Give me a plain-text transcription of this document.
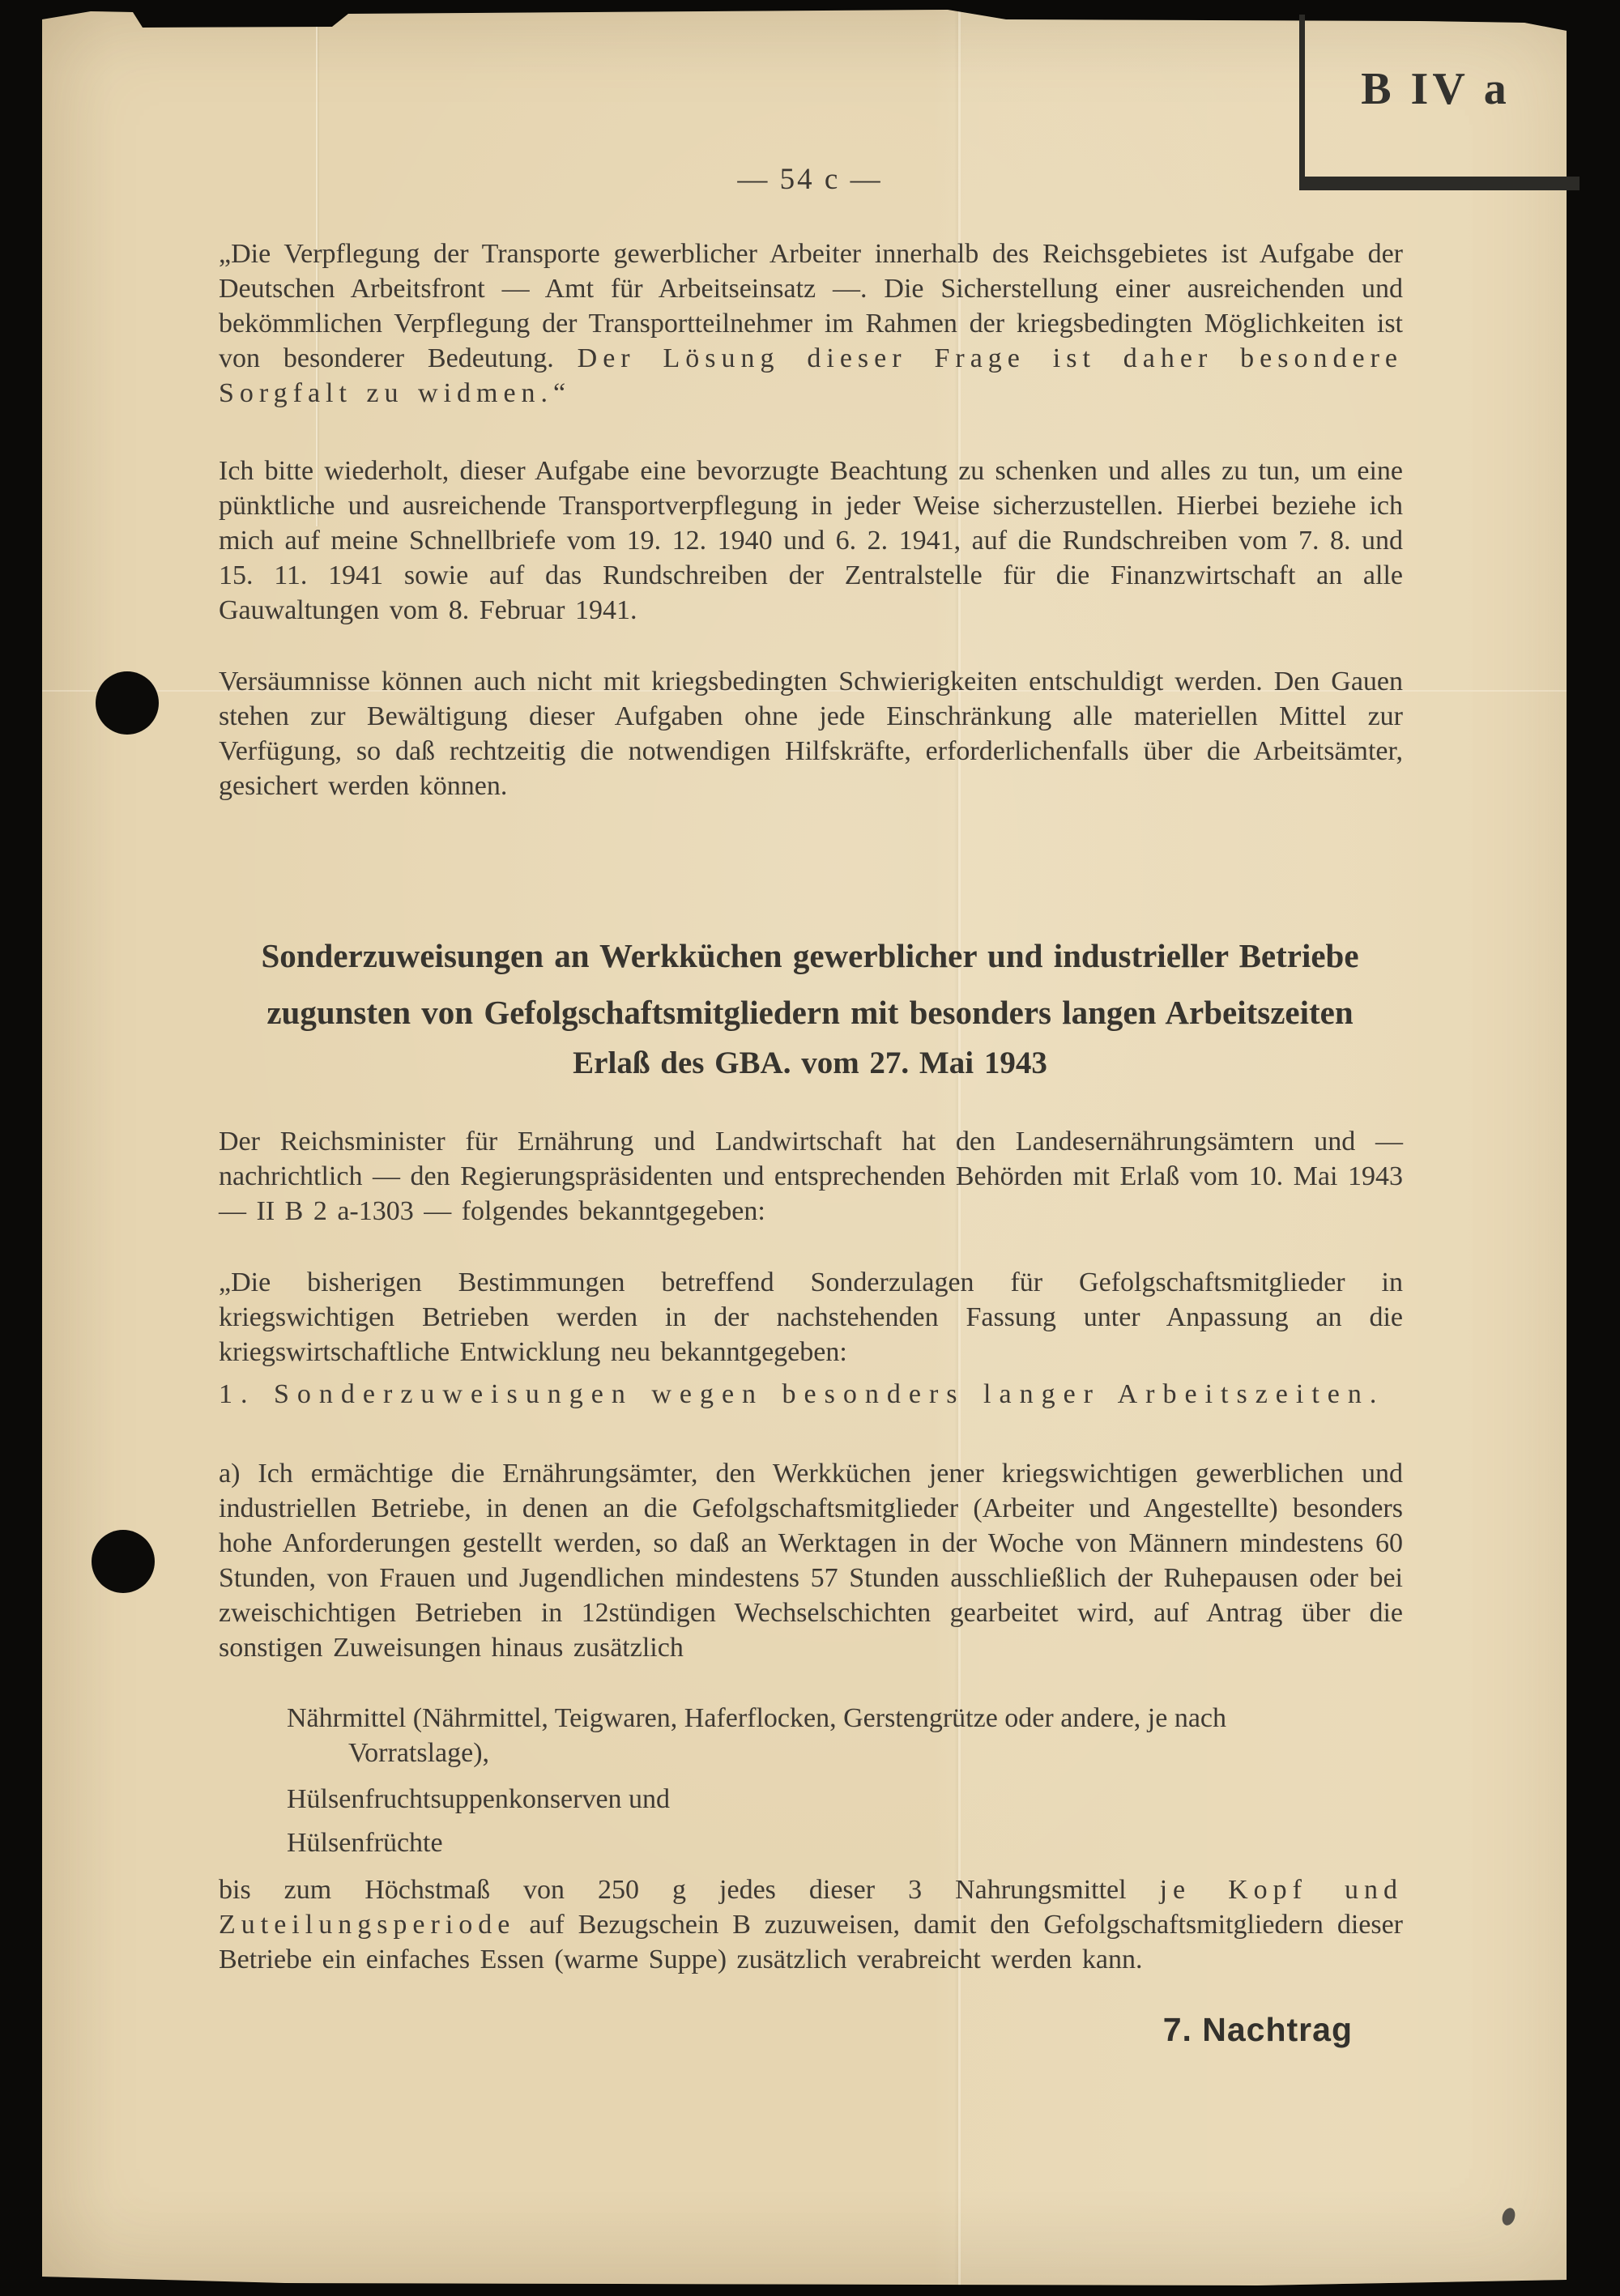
B IV a
— 54 c —

„Die Verpflegung der Transporte gewerblicher Arbeiter innerhalb des Reichsgebietes ist Aufgabe der Deutschen Arbeitsfront — Amt für Arbeitseinsatz —. Die Sicherstellung einer ausreichenden und bekömmlichen Verpflegung der Transportteilnehmer im Rahmen der kriegsbedingten Möglichkeiten ist von besonderer Bedeutung. Der Lösung dieser Frage ist daher besondere Sorgfalt zu widmen.“

Ich bitte wiederholt, dieser Aufgabe eine bevorzugte Beachtung zu schenken und alles zu tun, um eine pünktliche und ausreichende Transportverpflegung in jeder Weise sicherzustellen. Hierbei beziehe ich mich auf meine Schnellbriefe vom 19. 12. 1940 und 6. 2. 1941, auf die Rundschreiben vom 7. 8. und 15. 11. 1941 sowie auf das Rundschreiben der Zentralstelle für die Finanzwirtschaft an alle Gauwaltungen vom 8. Februar 1941.

Versäumnisse können auch nicht mit kriegsbedingten Schwierigkeiten entschuldigt werden. Den Gauen stehen zur Bewältigung dieser Aufgaben ohne jede Einschränkung alle materiellen Mittel zur Verfügung, so daß rechtzeitig die notwendigen Hilfskräfte, erforderlichenfalls über die Arbeitsämter, gesichert werden können.

Sonderzuweisungen an Werkküchen gewerblicher und industrieller Betriebe

zugunsten von Gefolgschaftsmitgliedern mit besonders langen Arbeitszeiten

Erlaß des GBA. vom 27. Mai 1943

Der Reichsminister für Ernährung und Landwirtschaft hat den Landesernährungsämtern und — nachrichtlich — den Regierungspräsidenten und entsprechenden Behörden mit Erlaß vom 10. Mai 1943 — II B 2 a-1303 — folgendes bekanntgegeben:

„Die bisherigen Bestimmungen betreffend Sonderzulagen für Gefolgschaftsmitglieder in kriegswichtigen Betrieben werden in der nachstehenden Fassung unter Anpassung an die kriegswirtschaftliche Entwicklung neu bekanntgegeben:

1. Sonderzuweisungen wegen besonders langer Arbeitszeiten.

a) Ich ermächtige die Ernährungsämter, den Werkküchen jener kriegswichtigen gewerblichen und industriellen Betriebe, in denen an die Gefolgschaftsmitglieder (Arbeiter und Angestellte) besonders hohe Anforderungen gestellt werden, so daß an Werktagen in der Woche von Männern mindestens 60 Stunden, von Frauen und Jugendlichen mindestens 57 Stunden ausschließlich der Ruhepausen oder bei zweischichtigen Betrieben in 12stündigen Wechselschichten gearbeitet wird, auf Antrag über die sonstigen Zuweisungen hinaus zusätzlich

Nährmittel (Nährmittel, Teigwaren, Haferflocken, Gerstengrütze oder andere, je nach Vorratslage),

Hülsenfruchtsuppenkonserven und

Hülsenfrüchte

bis zum Höchstmaß von 250 g jedes dieser 3 Nahrungsmittel je Kopf und Zuteilungsperiode auf Bezugschein B zuzuweisen, damit den Gefolgschaftsmitgliedern dieser Betriebe ein einfaches Essen (warme Suppe) zusätzlich verabreicht werden kann.

7. Nachtrag
